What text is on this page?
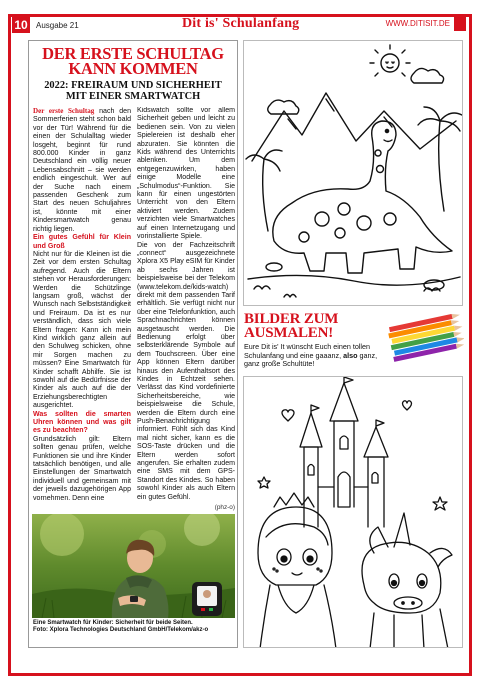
10 Ausgabe 21	Dit is' Schulanfang	WWW.DITISIT.DE
DER ERSTE SCHULTAG
KANN KOMMEN
2022: FREIRAUM UND SICHERHEIT
MIT EINER SMARTWATCH

Der erste Schultag nach den Sommerferien steht schon bald vor der Tür! Während für die einen der Schulalltag wieder losgeht, beginnt für rund 800.000 Kinder in ganz Deutschland ein völlig neuer Lebensabschnitt – sie werden endlich eingeschult. Wer auf der Suche nach einem passenden Geschenk zum Start des neuen Schuljahres ist, könnte mit einer Kindersmartwatch genau richtig liegen.

Ein gutes Gefühl für Klein und Groß

Nicht nur für die Kleinen ist die Zeit vor dem ersten Schultag aufregend. Auch die Eltern stehen vor Herausforderungen: Werden die Schützlinge langsam groß, wächst der Wunsch nach Selbstständigkeit und Freiraum. Da ist es nur verständlich, dass sich viele Eltern fragen: Kann ich mein Kind wirklich ganz allein auf den Schulweg schicken, ohne mir Sorgen machen zu müssen? Eine Smartwatch für Kinder schafft Abhilfe. Sie ist sowohl auf die Bedürfnisse der Kinder als auch auf die der Erziehungsberechtigten ausgerichtet.

Was sollten die smarten Uhren können und was gilt es zu beachten?

Grundsätzlich gilt: Eltern sollten genau prüfen, welche Funktionen sie und ihre Kinder tatsächlich benötigen, und alle Einstellungen der Smartwatch individuell und gemeinsam mit der jeweils dazugehörigen App vornehmen. Denn eine

Kidswatch sollte vor allem Sicherheit geben und leicht zu bedienen sein. Von zu vielen Spielereien ist deshalb eher abzuraten. Sie könnten die Kids während des Unterrichts ablenken. Um dem entgegenzuwirken, haben einige Modelle eine „Schulmodus“-Funktion. Sie kann für einen ungestörten Unterricht von den Eltern aktiviert werden. Zudem verzichten viele Smartwatches auf einen Internetzugang und vorinstallierte Spiele.

Die von der Fachzeitschrift „connect“ ausgezeichnete Xplora X5 Play eSIM für Kinder ab sechs Jahren ist beispielsweise bei der Telekom (www.telekom.de/kids-watch) direkt mit dem passenden Tarif erhältlich. Sie verfügt nicht nur über eine Telefonfunktion, auch Sprachnachrichten können ausgetauscht werden. Die Bedienung erfolgt über selbsterklärende Symbole auf dem Touchscreen. Über eine App können Eltern darüber hinaus den Aufenthaltsort des Kindes in Echtzeit sehen. Verlässt das Kind vordefinierte Sicherheitsbereiche, wie beispielsweise die Schule, werden die Eltern durch eine Push-Benachrichtigung informiert. Fühlt sich das Kind mal nicht sicher, kann es die SOS-Taste drücken und die Eltern werden sofort angerufen. Sie erhalten zudem eine SMS mit dem GPS-Standort des Kindes. So haben sowohl Kinder als auch Eltern ein gutes Gefühl.

(phz-o)
Eine Smartwatch für Kinder: Sicherheit für beide Seiten.
Foto: Xplora Technologies Deutschland GmbH/Telekom/akz-o
BILDER ZUM
AUSMALEN!
Eure Dit is' It wünscht Euch einen tollen Schulanfang und eine gaaanz, also ganz, ganz große Schultüte!
